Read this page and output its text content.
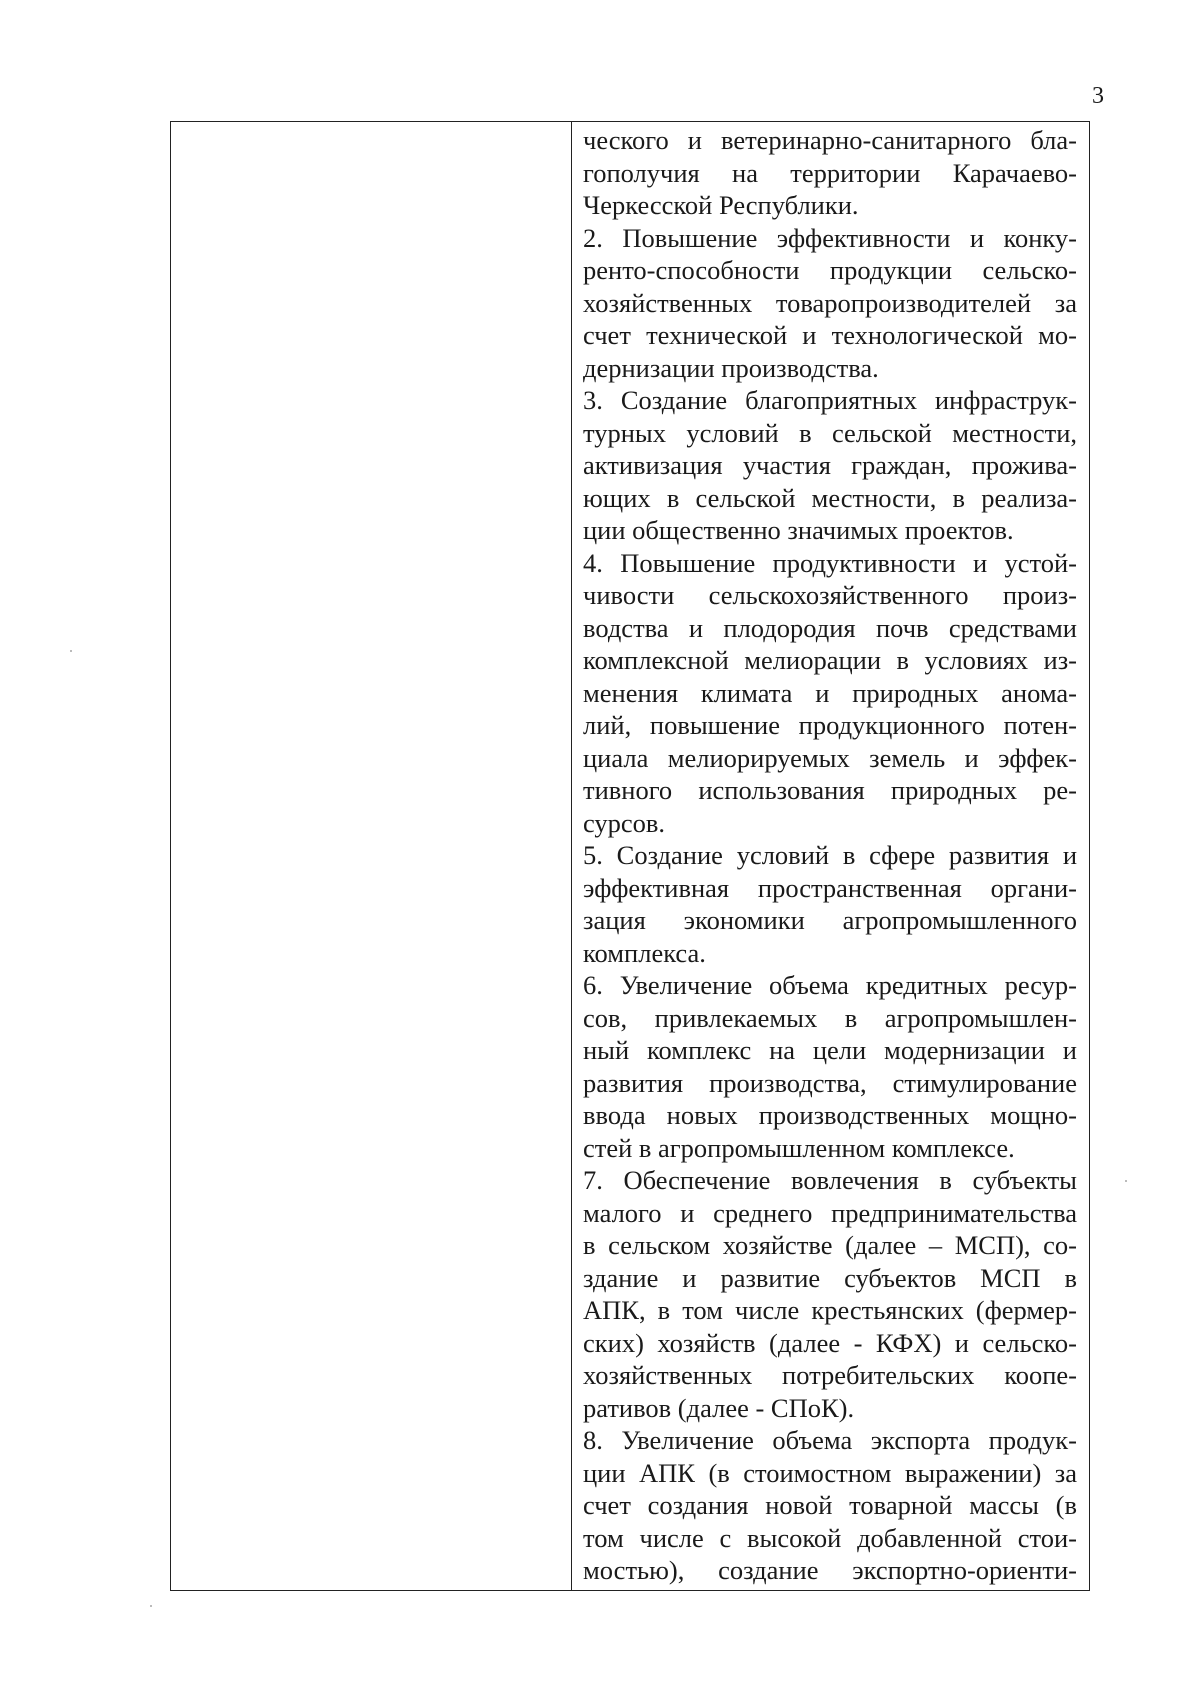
3
ческого и ветеринарно-санитарного бла-
гополучия на территории Карачаево-
Черкесской Республики.
2. Повышение эффективности и конку-
ренто-способности продукции сельско-
хозяйственных товаропроизводителей за
счет технической и технологической мо-
дернизации производства.
3. Создание благоприятных инфраструк-
турных условий в сельской местности,
активизация участия граждан, прожива-
ющих в сельской местности, в реализа-
ции общественно значимых проектов.
4. Повышение продуктивности и устой-
чивости сельскохозяйственного произ-
водства и плодородия почв средствами
комплексной мелиорации в условиях из-
менения климата и природных анома-
лий, повышение продукционного потен-
циала мелиорируемых земель и эффек-
тивного использования природных ре-
сурсов.
5. Создание условий в сфере развития и
эффективная пространственная органи-
зация экономики агропромышленного
комплекса.
6. Увеличение объема кредитных ресур-
сов, привлекаемых в агропромышлен-
ный комплекс на цели модернизации и
развития производства, стимулирование
ввода новых производственных мощно-
стей в агропромышленном комплексе.
7. Обеспечение вовлечения в субъекты
малого и среднего предпринимательства
в сельском хозяйстве (далее – МСП), со-
здание и развитие субъектов МСП в
АПК, в том числе крестьянских (фермер-
ских) хозяйств (далее - КФХ) и сельско-
хозяйственных потребительских коопе-
ративов (далее - СПоК).
8. Увеличение объема экспорта продук-
ции АПК (в стоимостном выражении) за
счет создания новой товарной массы (в
том числе с высокой добавленной стои-
мостью), создание экспортно-ориенти-
